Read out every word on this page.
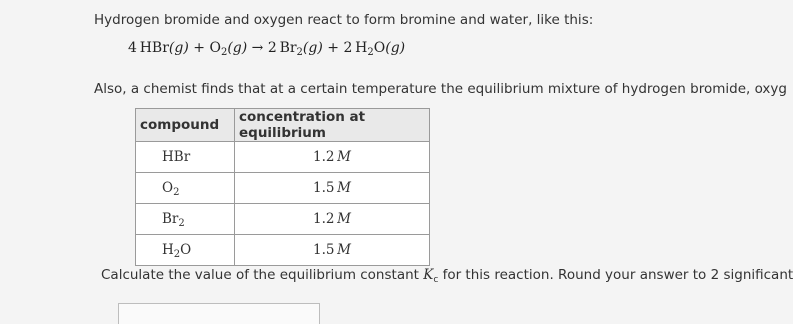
Hydrogen bromide and oxygen react to form bromine and water, like this:
4  $HBr(g) + O_2(g) \to 2$  $Br_2(g) + 2$  $H_2O(g)$
Also, a chemist finds that at a certain temperature the equilibrium mixture of hydrogen bromide, oxyg
compound	concentration at equilibrium
HBr	1.2  M
$O_2$	1.5  M
$Br_2$	1.2  M
$H_2O$	1.5  M
Calculate the value of the equilibrium constant $K_c$ for this reaction. Round your answer to 2 significant
